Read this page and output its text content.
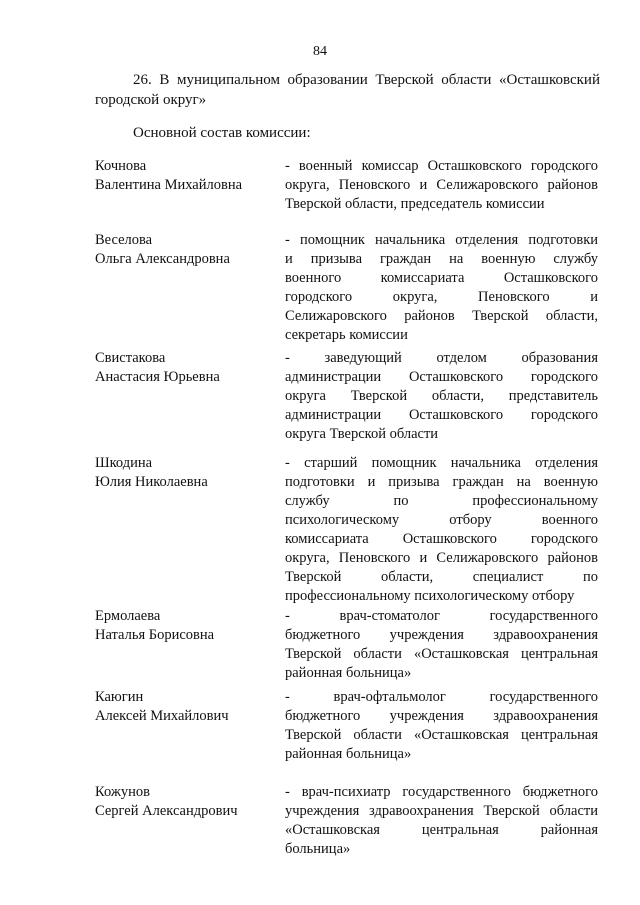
84

26. В муниципальном образовании Тверской области «Осташковский городской округ»

Основной состав комиссии:

Кочнова
Валентина Михайловна
- военный комиссар Осташковского городского
округа, Пеновского и Селижаровского районов
Тверской области, председатель комиссии
Веселова
Ольга Александровна
- помощник начальника отделения подготовки
и призыва граждан на военную службу
военного комиссариата Осташковского
городского округа, Пеновского и
Селижаровского районов Тверской области,
секретарь комиссии
Свистакова
Анастасия Юрьевна
- заведующий отделом образования
администрации Осташковского городского
округа Тверской области, представитель
администрации Осташковского городского
округа Тверской области
Шкодина
Юлия Николаевна
- старший помощник начальника отделения
подготовки и призыва граждан на военную
службу по профессиональному
психологическому отбору военного
комиссариата Осташковского городского
округа, Пеновского и Селижаровского районов
Тверской области, специалист по
профессиональному психологическому отбору
Ермолаева
Наталья Борисовна
- врач-стоматолог государственного
бюджетного учреждения здравоохранения
Тверской области «Осташковская центральная
районная больница»
Каюгин
Алексей Михайлович
- врач-офтальмолог государственного
бюджетного учреждения здравоохранения
Тверской области «Осташковская центральная
районная больница»
Кожунов
Сергей Александрович
- врач-психиатр государственного бюджетного
учреждения здравоохранения Тверской области
«Осташковская центральная районная
больница»
